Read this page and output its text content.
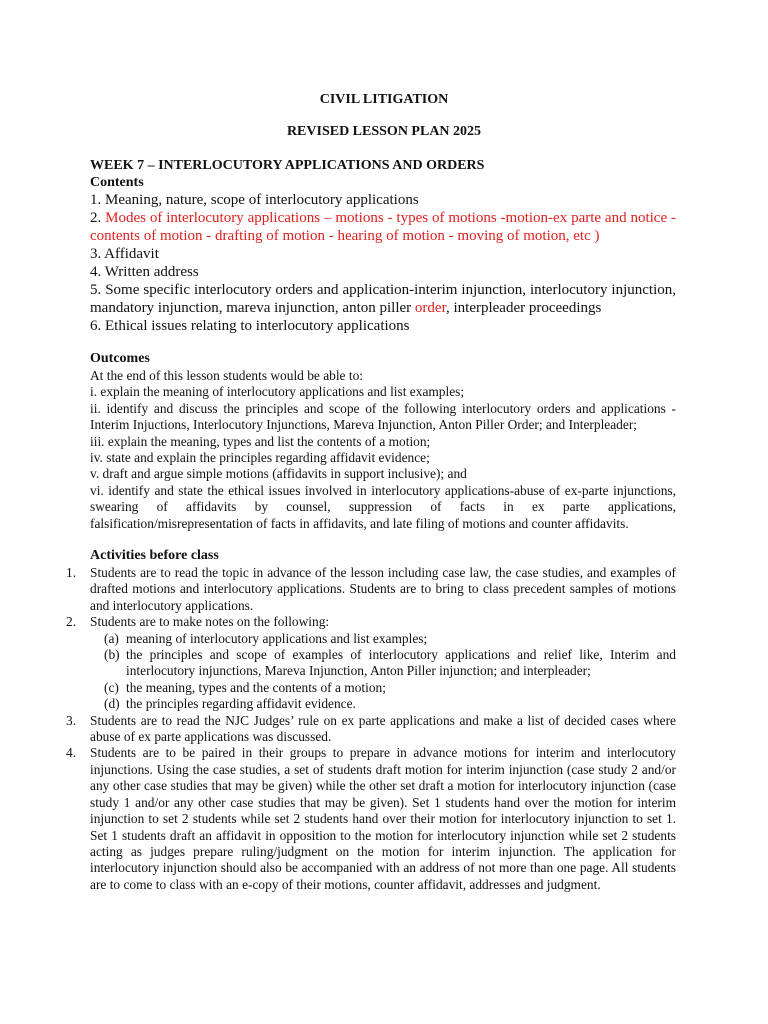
CIVIL LITIGATION
REVISED LESSON PLAN 2025
WEEK 7 – INTERLOCUTORY APPLICATIONS AND ORDERS
Contents

1. Meaning, nature, scope of interlocutory applications

2. Modes of interlocutory applications – motions - types of motions -motion-ex parte and notice - contents of motion - drafting of motion - hearing of motion - moving of motion, etc )

3. Affidavit

4. Written address

5. Some specific interlocutory orders and application-interim injunction, interlocutory injunction, mandatory injunction, mareva injunction, anton piller order, interpleader proceedings

6. Ethical issues relating to interlocutory applications

Outcomes

At the end of this lesson students would be able to:

i. explain the meaning of interlocutory applications and list examples;

ii. identify and discuss the principles and scope of the following interlocutory orders and applications - Interim Injuctions, Interlocutory Injunctions, Mareva Injunction, Anton Piller Order; and Interpleader;

iii. explain the meaning, types and list the contents of a motion;

iv. state and explain the principles regarding affidavit evidence;

v. draft and argue simple motions (affidavits in support inclusive); and

vi. identify and state the ethical issues involved in interlocutory applications-abuse of ex-parte injunctions, swearing of affidavits by counsel, suppression of facts in ex parte applications, falsification/misrepresentation of facts in affidavits, and late filing of motions and counter affidavits.

Activities before class
1. Students are to read the topic in advance of the lesson including case law, the case studies, and examples of drafted motions and interlocutory applications. Students are to bring to class precedent samples of motions and interlocutory applications.
2. Students are to make notes on the following:
(a) meaning of interlocutory applications and list examples;
(b) the principles and scope of examples of interlocutory applications and relief like, Interim and interlocutory injunctions, Mareva Injunction, Anton Piller injunction; and interpleader;
(c) the meaning, types and the contents of a motion;
(d) the principles regarding affidavit evidence.
3. Students are to read the NJC Judges’ rule on ex parte applications and make a list of decided cases where abuse of ex parte applications was discussed.
4. Students are to be paired in their groups to prepare in advance motions for interim and interlocutory injunctions. Using the case studies, a set of students draft motion for interim injunction (case study 2 and/or any other case studies that may be given) while the other set draft a motion for interlocutory injunction (case study 1 and/or any other case studies that may be given). Set 1 students hand over the motion for interim injunction to set 2 students while set 2 students hand over their motion for interlocutory injunction to set 1. Set 1 students draft an affidavit in opposition to the motion for interlocutory injunction while set 2 students acting as judges prepare ruling/judgment on the motion for interim injunction. The application for interlocutory injunction should also be accompanied with an address of not more than one page. All students are to come to class with an e-copy of their motions, counter affidavit, addresses and judgment.
